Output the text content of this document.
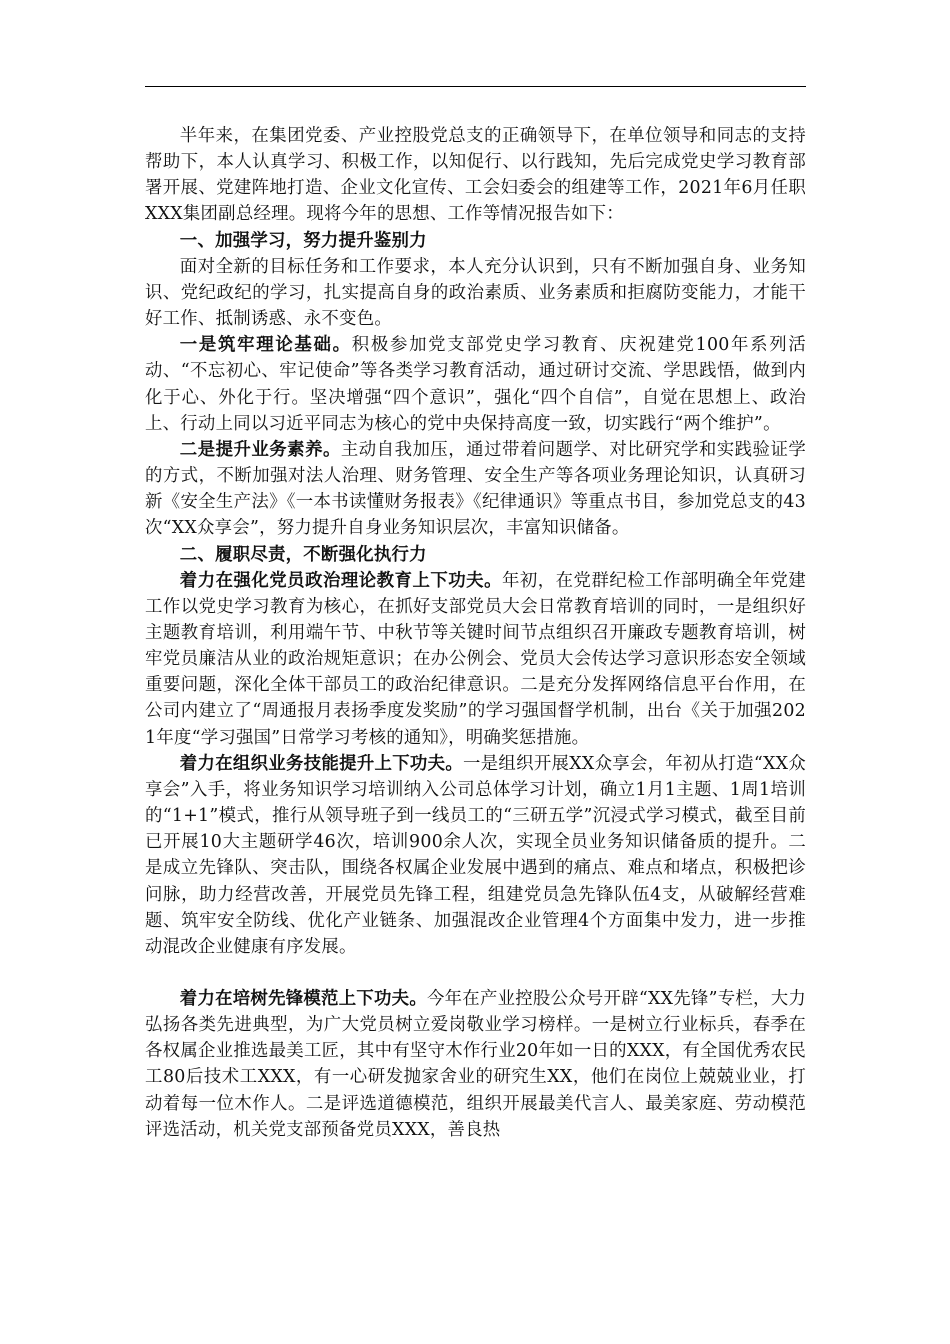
半年来，在集团党委、产业控股党总支的正确领导下，在单位领导和同志的支持帮助下，本人认真学习、积极工作，以知促行、以行践知，先后完成党史学习教育部署开展、党建阵地打造、企业文化宣传、工会妇委会的组建等工作，2021年6月任职XXX集团副总经理。现将今年的思想、工作等情况报告如下：

一、加强学习，努力提升鉴别力

面对全新的目标任务和工作要求，本人充分认识到，只有不断加强自身、业务知识、党纪政纪的学习，扎实提高自身的政治素质、业务素质和拒腐防变能力，才能干好工作、抵制诱惑、永不变色。

一是筑牢理论基础。积极参加党支部党史学习教育、庆祝建党100年系列活动、“不忘初心、牢记使命”等各类学习教育活动，通过研讨交流、学思践悟，做到内化于心、外化于行。坚决增强“四个意识”，强化“四个自信”，自觉在思想上、政治上、行动上同以习近平同志为核心的党中央保持高度一致，切实践行“两个维护”。

二是提升业务素养。主动自我加压，通过带着问题学、对比研究学和实践验证学的方式，不断加强对法人治理、财务管理、安全生产等各项业务理论知识，认真研习新《安全生产法》《一本书读懂财务报表》《纪律通识》等重点书目，参加党总支的43次“XX众享会”，努力提升自身业务知识层次，丰富知识储备。

二、履职尽责，不断强化执行力

着力在强化党员政治理论教育上下功夫。年初，在党群纪检工作部明确全年党建工作以党史学习教育为核心，在抓好支部党员大会日常教育培训的同时，一是组织好主题教育培训，利用端午节、中秋节等关键时间节点组织召开廉政专题教育培训，树牢党员廉洁从业的政治规矩意识；在办公例会、党员大会传达学习意识形态安全领域重要问题，深化全体干部员工的政治纪律意识。二是充分发挥网络信息平台作用，在公司内建立了“周通报月表扬季度发奖励”的学习强国督学机制，出台《关于加强2021年度“学习强国”日常学习考核的通知》，明确奖惩措施。

着力在组织业务技能提升上下功夫。一是组织开展XX众享会，年初从打造“XX众享会”入手，将业务知识学习培训纳入公司总体学习计划，确立1月1主题、1周1培训的“1+1”模式，推行从领导班子到一线员工的“三研五学”沉浸式学习模式，截至目前已开展10大主题研学46次，培训900余人次，实现全员业务知识储备质的提升。二是成立先锋队、突击队，围绕各权属企业发展中遇到的痛点、难点和堵点，积极把诊问脉，助力经营改善，开展党员先锋工程，组建党员急先锋队伍4支，从破解经营难题、筑牢安全防线、优化产业链条、加强混改企业管理4个方面集中发力，进一步推动混改企业健康有序发展。

着力在培树先锋模范上下功夫。今年在产业控股公众号开辟“XX先锋”专栏，大力弘扬各类先进典型，为广大党员树立爱岗敬业学习榜样。一是树立行业标兵，春季在各权属企业推选最美工匠，其中有坚守木作行业20年如一日的XXX，有全国优秀农民工80后技术工XXX，有一心研发抛家舍业的研究生XX，他们在岗位上兢兢业业，打动着每一位木作人。二是评选道德模范，组织开展最美代言人、最美家庭、劳动模范评选活动，机关党支部预备党员XXX，善良热
